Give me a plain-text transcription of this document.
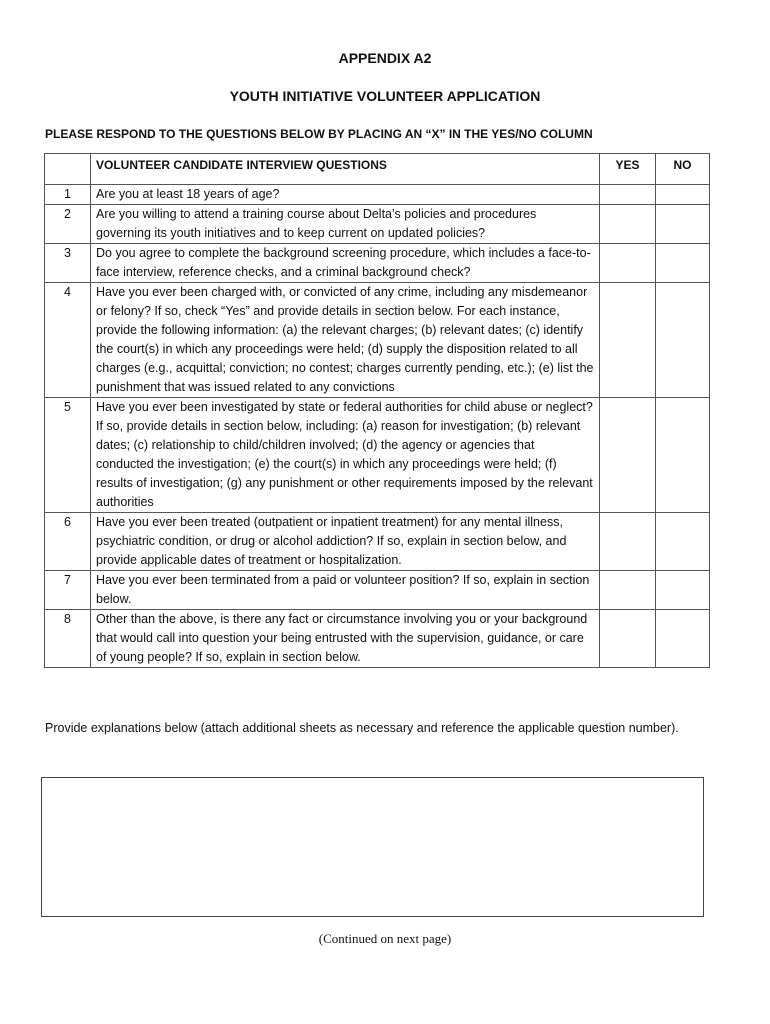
APPENDIX A2
YOUTH INITIATIVE VOLUNTEER APPLICATION
PLEASE RESPOND TO THE QUESTIONS BELOW BY PLACING AN “X” IN THE YES/NO COLUMN
	VOLUNTEER CANDIDATE INTERVIEW QUESTIONS	YES	NO
1	Are you at least 18 years of age?		
2	Are you willing to attend a training course about Delta’s policies and procedures governing its youth initiatives and to keep current on updated policies?		
3	Do you agree to complete the background screening procedure, which includes a face-to-face interview, reference checks, and a criminal background check?		
4	Have you ever been charged with, or convicted of any crime, including any misdemeanor or felony? If so, check “Yes” and provide details in section below. For each instance, provide the following information: (a) the relevant charges; (b) relevant dates; (c) identify the court(s) in which any proceedings were held; (d) supply the disposition related to all charges (e.g., acquittal; conviction; no contest; charges currently pending, etc.); (e) list the punishment that was issued related to any convictions		
5	Have you ever been investigated by state or federal authorities for child abuse or neglect? If so, provide details in section below, including: (a) reason for investigation; (b) relevant dates; (c) relationship to child/children involved; (d) the agency or agencies that conducted the investigation; (e) the court(s) in which any proceedings were held; (f) results of investigation; (g) any punishment or other requirements imposed by the relevant authorities		
6	Have you ever been treated (outpatient or inpatient treatment) for any mental illness, psychiatric condition, or drug or alcohol addiction? If so, explain in section below, and provide applicable dates of treatment or hospitalization.		
7	Have you ever been terminated from a paid or volunteer position? If so, explain in section below.		
8	Other than the above, is there any fact or circumstance involving you or your background that would call into question your being entrusted with the supervision, guidance, or care of young people? If so, explain in section below.		
Provide explanations below (attach additional sheets as necessary and reference the applicable question number).
(Continued on next page)
